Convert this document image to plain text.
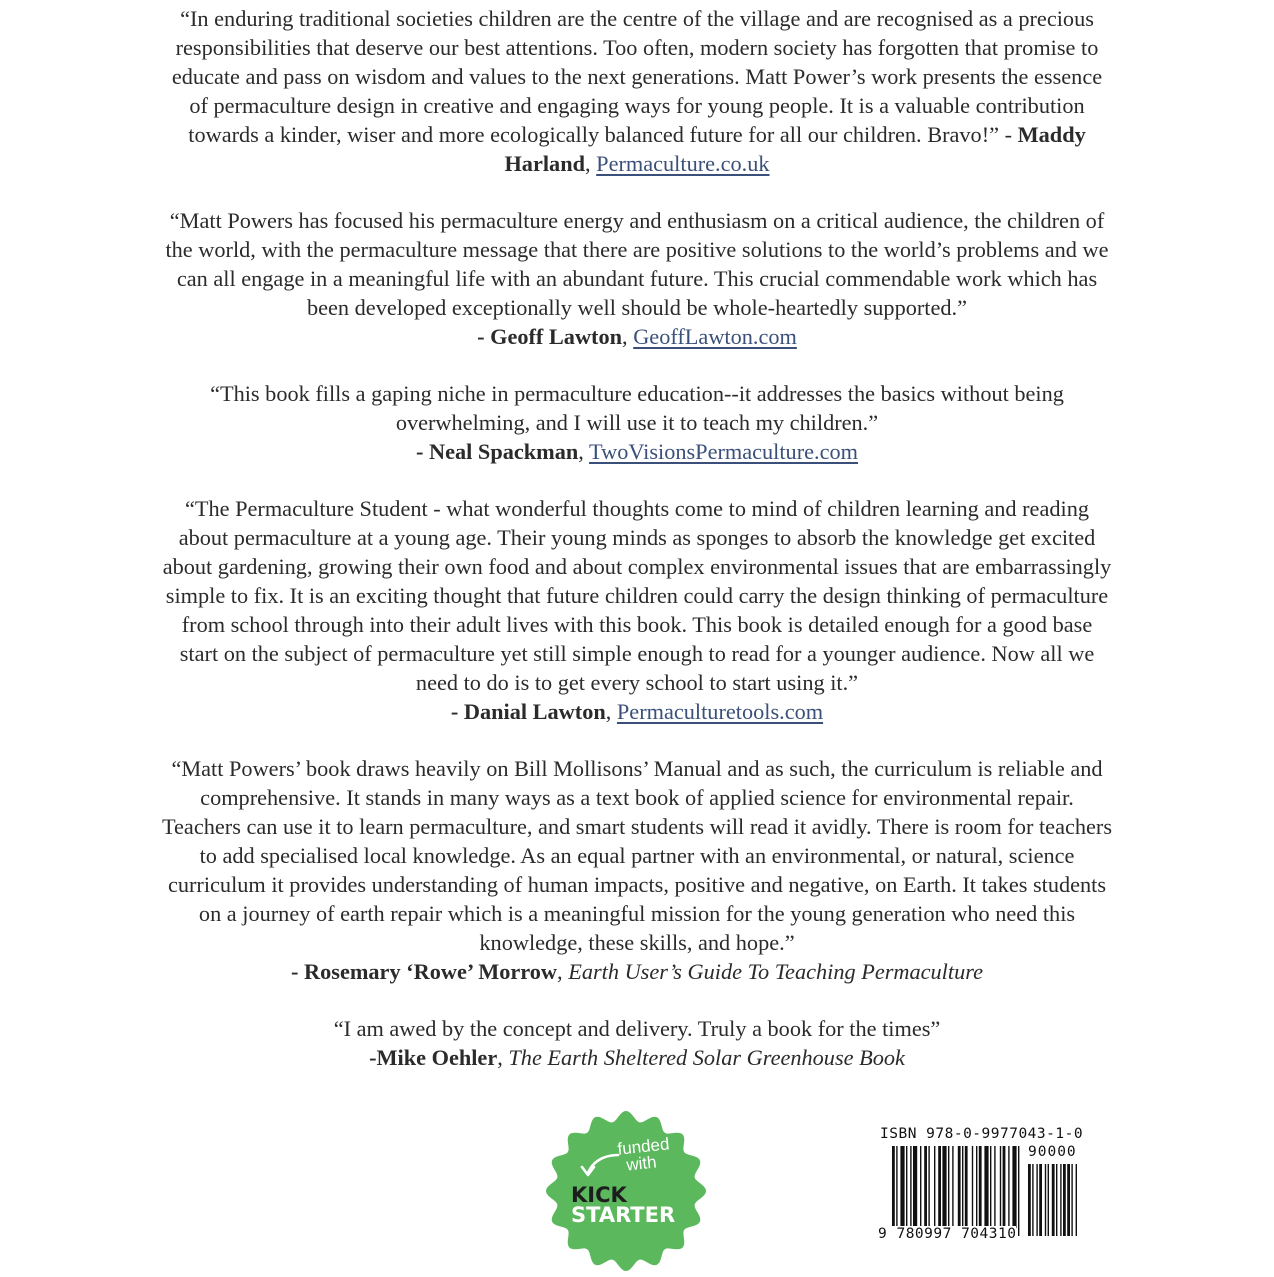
“In enduring traditional societies children are the centre of the village and are recognised as a precious responsibilities that deserve our best attentions. Too often, modern society has forgotten that promise to educate and pass on wisdom and values to the next generations. Matt Power’s work presents the essence of permaculture design in creative and engaging ways for young people. It is a valuable contribution towards a kinder, wiser and more ecologically balanced future for all our children. Bravo!” - Maddy Harland, Permaculture.co.uk

“Matt Powers has focused his permaculture energy and enthusiasm on a critical audience, the children of the world, with the permaculture message that there are positive solutions to the world’s problems and we can all engage in a meaningful life with an abundant future. This crucial commendable work which has been developed exceptionally well should be whole-heartedly supported.”

- Geoff Lawton, GeoffLawton.com

“This book fills a gaping niche in permaculture education--it addresses the basics without being overwhelming, and I will use it to teach my children.”

- Neal Spackman, TwoVisionsPermaculture.com

“The Permaculture Student - what wonderful thoughts come to mind of children learning and reading about permaculture at a young age. Their young minds as sponges to absorb the knowledge get excited about gardening, growing their own food and about complex environmental issues that are embarrassingly simple to fix. It is an exciting thought that future children could carry the design thinking of permaculture from school through into their adult lives with this book. This book is detailed enough for a good base start on the subject of permaculture yet still simple enough to read for a younger audience. Now all we need to do is to get every school to start using it.”

- Danial Lawton, Permaculturetools.com

“Matt Powers’ book draws heavily on Bill Mollisons’ Manual and as such, the curriculum is reliable and comprehensive. It stands in many ways as a text book of applied science for environmental repair. Teachers can use it to learn permaculture, and smart students will read it avidly. There is room for teachers to add specialised local knowledge. As an equal partner with an environmental, or natural, science curriculum it provides understanding of human impacts, positive and negative, on Earth. It takes students on a journey of earth repair which is a meaningful mission for the young generation who need this knowledge, these skills, and hope.”

- Rosemary ‘Rowe’ Morrow, Earth User’s Guide To Teaching Permaculture

“I am awed by the concept and delivery. Truly a book for the times”

-Mike Oehler, The Earth Sheltered Solar Greenhouse Book

funded
with
KICK
STARTER
ISBN 978-0-9977043-1-0
90000
9 780997 704310
